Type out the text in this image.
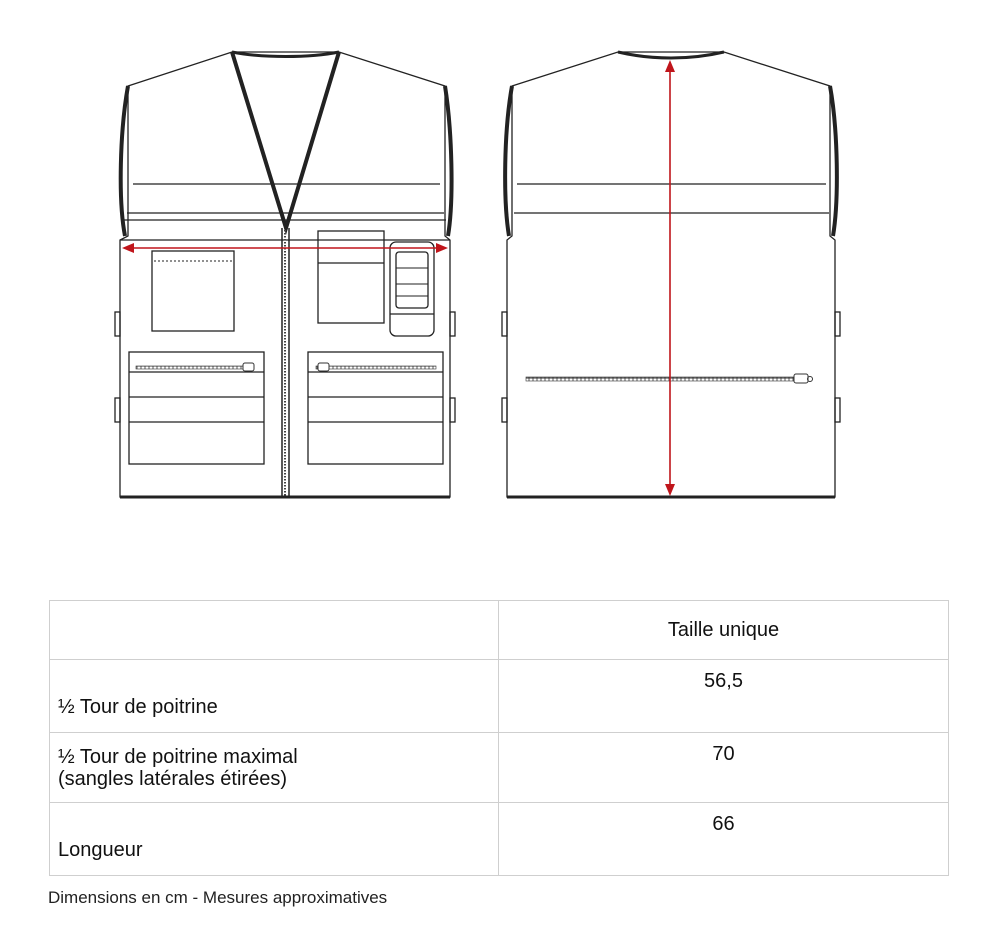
	Taille unique
½ Tour de poitrine	56,5

½ Tour de poitrine maximal
(sangles latérales étirées)	70
Longueur	66
Dimensions en cm - Mesures approximatives
